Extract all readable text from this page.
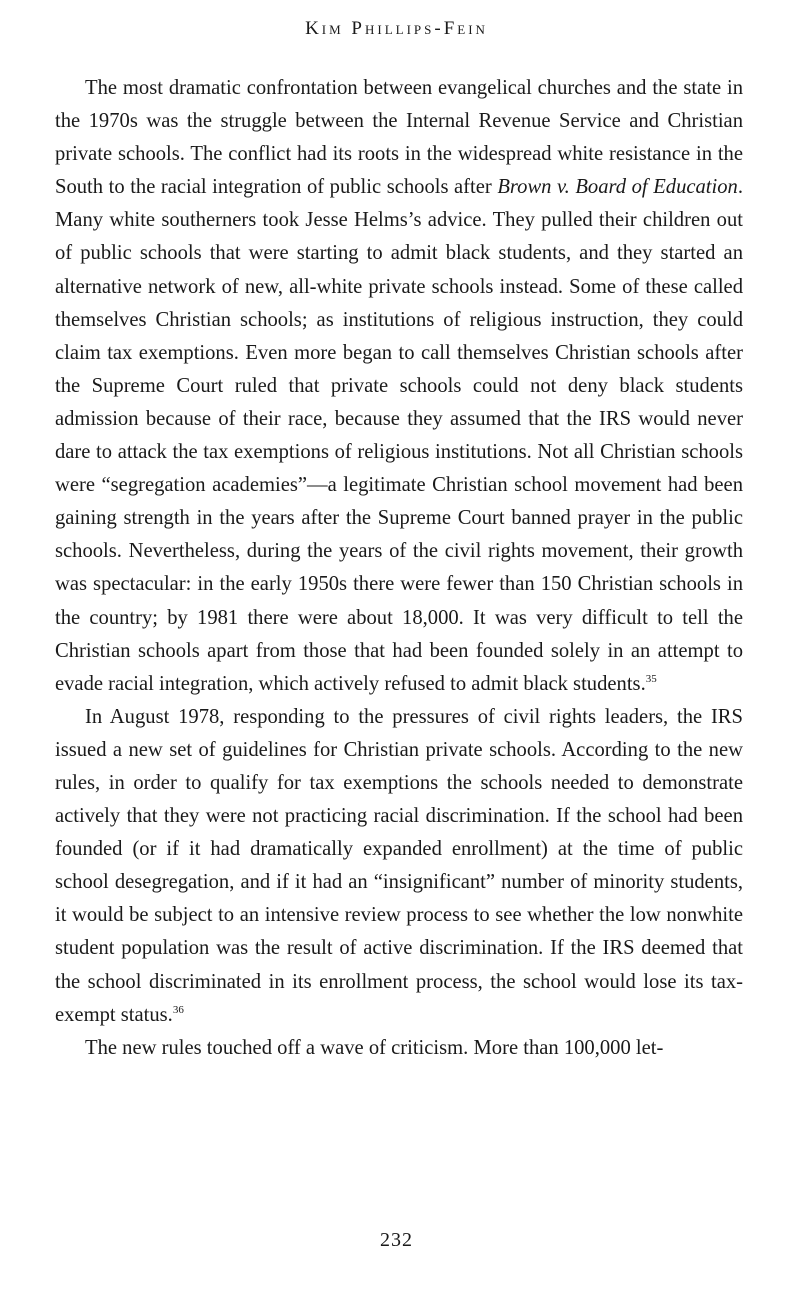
Kim Phillips-Fein

The most dramatic confrontation between evangelical churches and the state in the 1970s was the struggle between the Internal Revenue Service and Christian private schools. The conflict had its roots in the widespread white resistance in the South to the racial integration of public schools after Brown v. Board of Education. Many white southerners took Jesse Helms’s advice. They pulled their children out of public schools that were starting to admit black students, and they started an alternative network of new, all-white private schools instead. Some of these called themselves Christian schools; as institutions of religious instruction, they could claim tax exemptions. Even more began to call themselves Christian schools after the Supreme Court ruled that private schools could not deny black students admission because of their race, because they assumed that the IRS would never dare to attack the tax exemptions of religious institutions. Not all Christian schools were “segregation academies”—a legitimate Christian school movement had been gaining strength in the years after the Supreme Court banned prayer in the public schools. Nevertheless, during the years of the civil rights movement, their growth was spectacular: in the early 1950s there were fewer than 150 Christian schools in the country; by 1981 there were about 18,000. It was very difficult to tell the Christian schools apart from those that had been founded solely in an attempt to evade racial integration, which actively refused to admit black students.$^{35}$

In August 1978, responding to the pressures of civil rights leaders, the IRS issued a new set of guidelines for Christian private schools. According to the new rules, in order to qualify for tax exemptions the schools needed to demonstrate actively that they were not practicing racial discrimination. If the school had been founded (or if it had dramatically expanded enrollment) at the time of public school desegregation, and if it had an “insignificant” number of minority students, it would be subject to an intensive review process to see whether the low nonwhite student population was the result of active discrimination. If the IRS deemed that the school discriminated in its enrollment process, the school would lose its tax-exempt status.$^{36}$

The new rules touched off a wave of criticism. More than 100,000 let-

232
